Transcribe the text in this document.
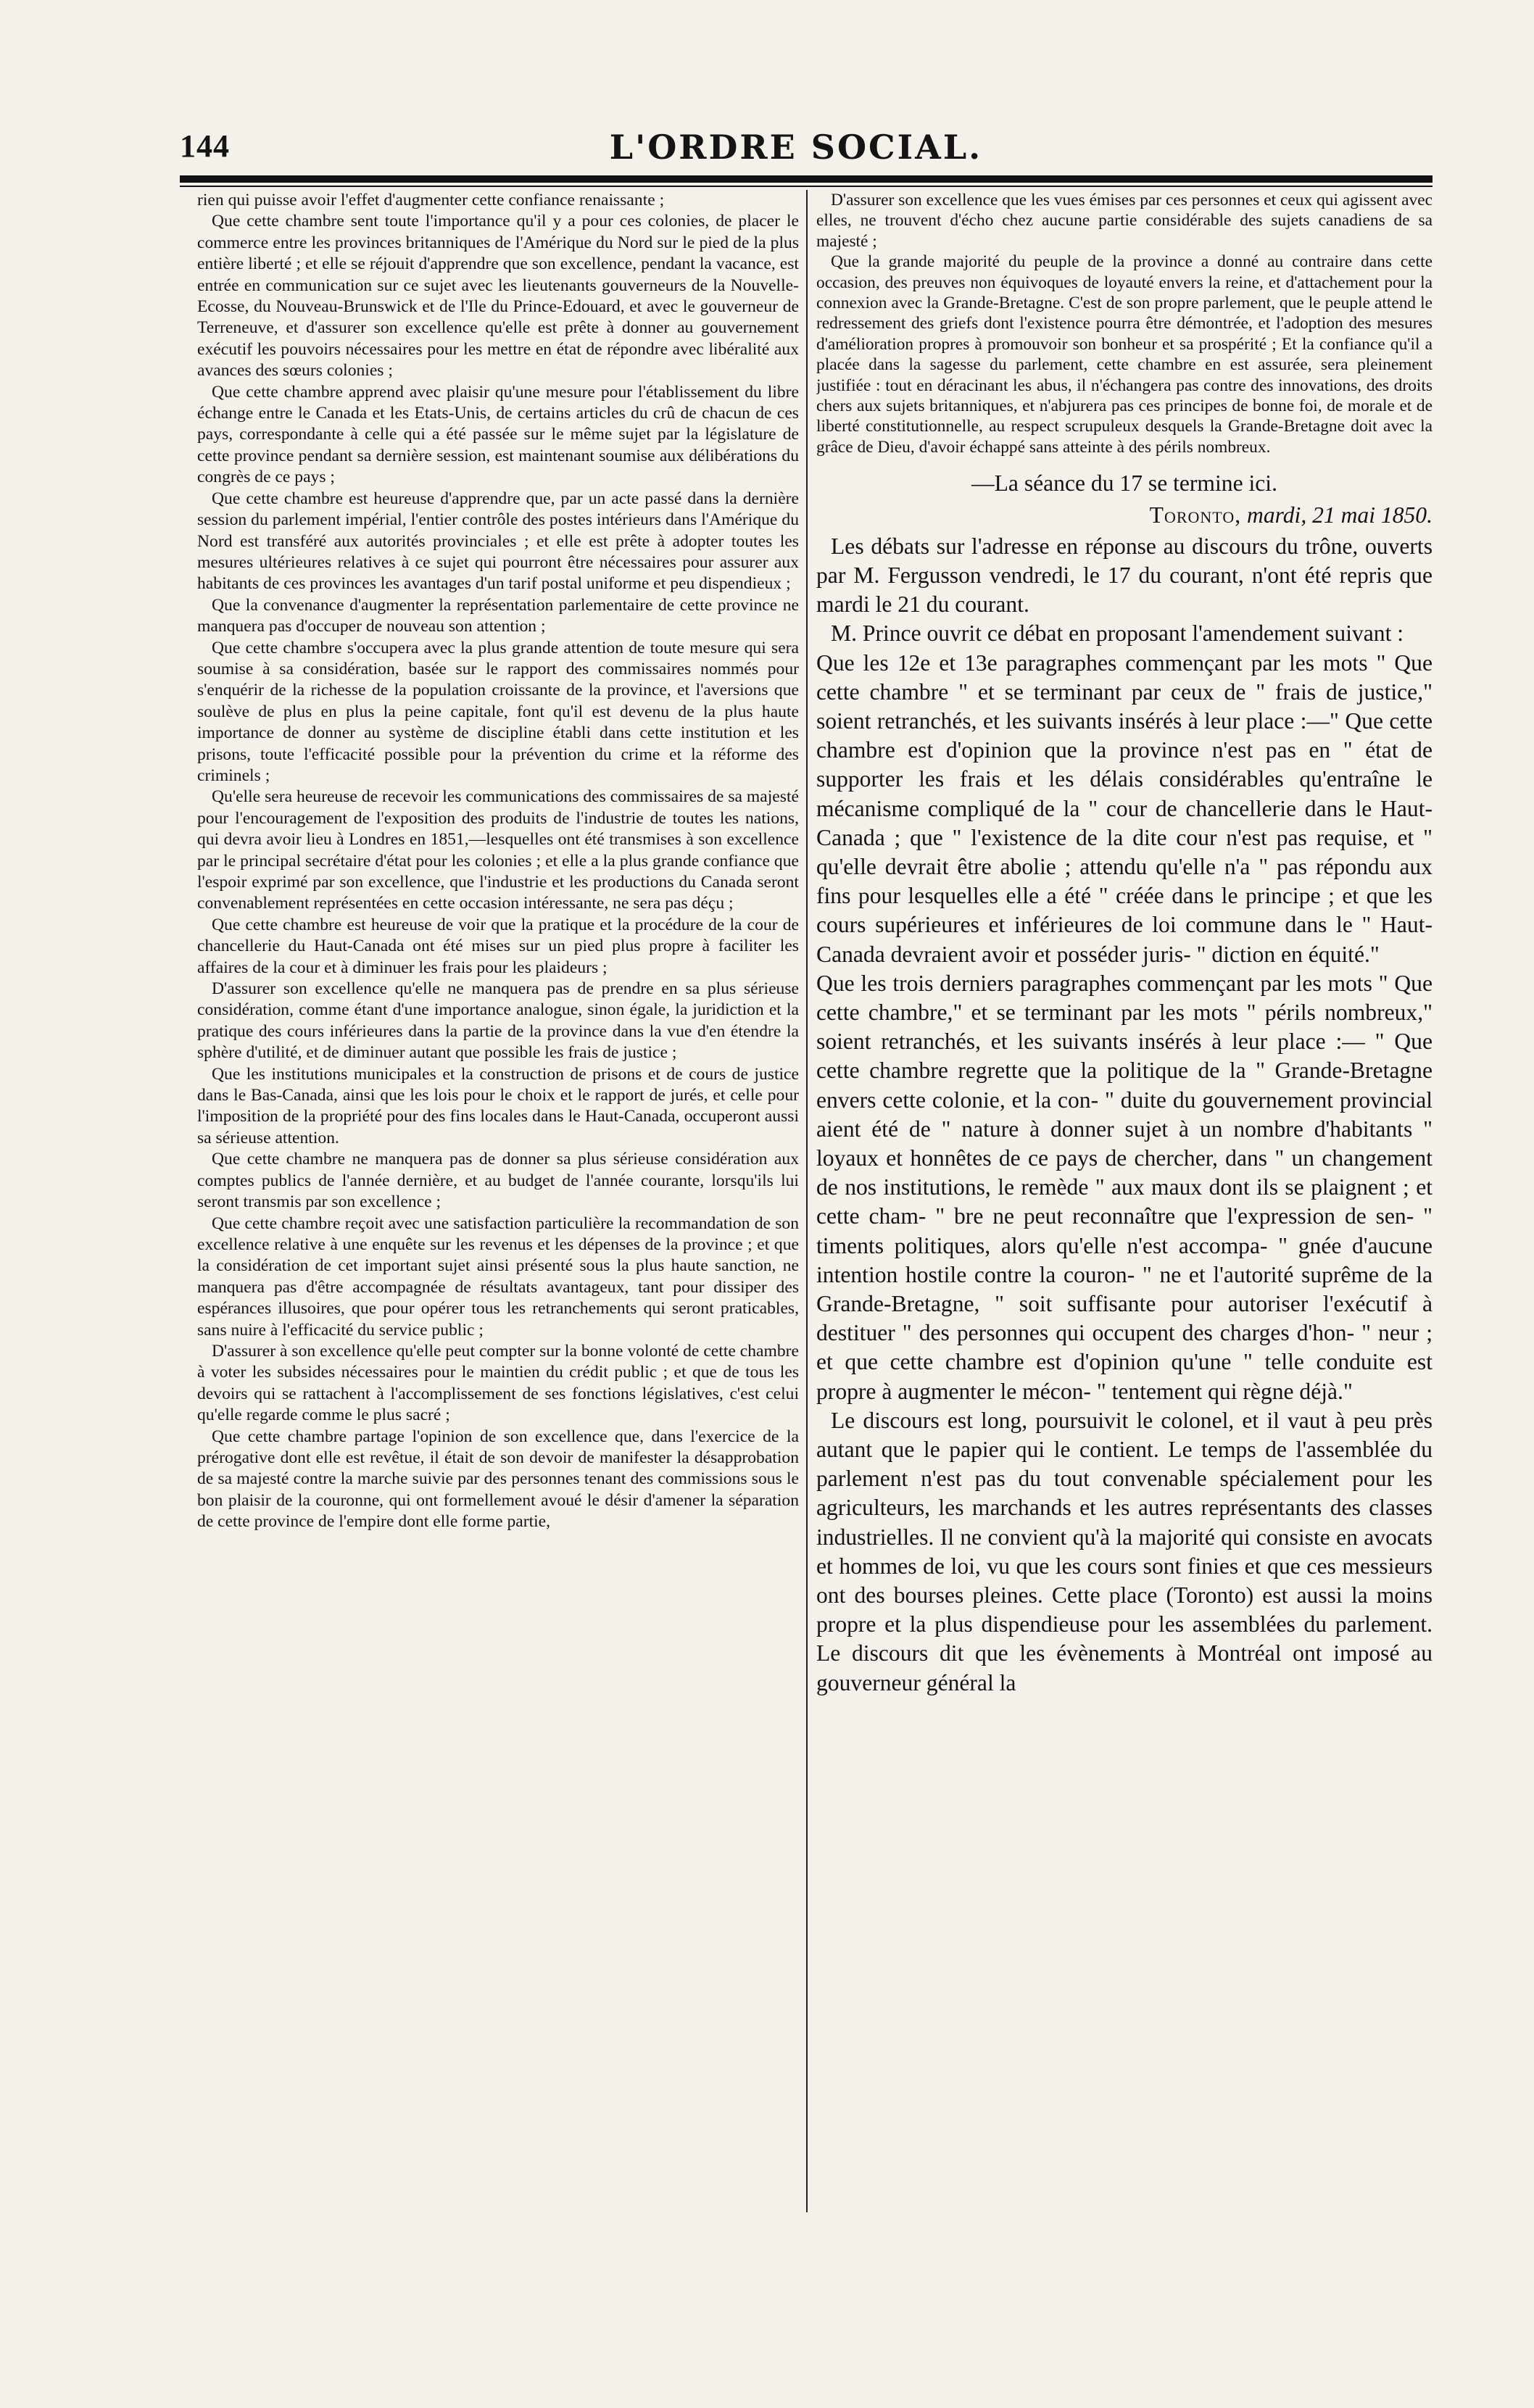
144	L'ORDRE SOCIAL.

rien qui puisse avoir l'effet d'augmenter cette confiance renaissante ;

Que cette chambre sent toute l'importance qu'il y a pour ces colonies, de placer le commerce entre les provinces britanniques de l'Amérique du Nord sur le pied de la plus entière liberté ; et elle se réjouit d'apprendre que son excellence, pendant la vacance, est entrée en communication sur ce sujet avec les lieutenants gouverneurs de la Nouvelle-Ecosse, du Nouveau-Brunswick et de l'Ile du Prince-Edouard, et avec le gouverneur de Terreneuve, et d'assurer son excellence qu'elle est prête à donner au gouvernement exécutif les pouvoirs nécessaires pour les mettre en état de répondre avec libéralité aux avances des sœurs colonies ;

Que cette chambre apprend avec plaisir qu'une mesure pour l'établissement du libre échange entre le Canada et les Etats-Unis, de certains articles du crû de chacun de ces pays, correspondante à celle qui a été passée sur le même sujet par la législature de cette province pendant sa dernière session, est maintenant soumise aux délibérations du congrès de ce pays ;

Que cette chambre est heureuse d'apprendre que, par un acte passé dans la dernière session du parlement impérial, l'entier contrôle des postes intérieurs dans l'Amérique du Nord est transféré aux autorités provinciales ; et elle est prête à adopter toutes les mesures ultérieures relatives à ce sujet qui pourront être nécessaires pour assurer aux habitants de ces provinces les avantages d'un tarif postal uniforme et peu dispendieux ;

Que la convenance d'augmenter la représentation parlementaire de cette province ne manquera pas d'occuper de nouveau son attention ;

Que cette chambre s'occupera avec la plus grande attention de toute mesure qui sera soumise à sa considération, basée sur le rapport des commissaires nommés pour s'enquérir de la richesse de la population croissante de la province, et l'aversions que soulève de plus en plus la peine capitale, font qu'il est devenu de la plus haute importance de donner au système de discipline établi dans cette institution et les prisons, toute l'efficacité possible pour la prévention du crime et la réforme des criminels ;

Qu'elle sera heureuse de recevoir les communications des commissaires de sa majesté pour l'encouragement de l'exposition des produits de l'industrie de toutes les nations, qui devra avoir lieu à Londres en 1851,—lesquelles ont été transmises à son excellence par le principal secrétaire d'état pour les colonies ; et elle a la plus grande confiance que l'espoir exprimé par son excellence, que l'industrie et les productions du Canada seront convenablement représentées en cette occasion intéressante, ne sera pas déçu ;

Que cette chambre est heureuse de voir que la pratique et la procédure de la cour de chancellerie du Haut-Canada ont été mises sur un pied plus propre à faciliter les affaires de la cour et à diminuer les frais pour les plaideurs ;

D'assurer son excellence qu'elle ne manquera pas de prendre en sa plus sérieuse considération, comme étant d'une importance analogue, sinon égale, la juridiction et la pratique des cours inférieures dans la partie de la province dans la vue d'en étendre la sphère d'utilité, et de diminuer autant que possible les frais de justice ;

Que les institutions municipales et la construction de prisons et de cours de justice dans le Bas-Canada, ainsi que les lois pour le choix et le rapport de jurés, et celle pour l'imposition de la propriété pour des fins locales dans le Haut-Canada, occuperont aussi sa sérieuse attention.

Que cette chambre ne manquera pas de donner sa plus sérieuse considération aux comptes publics de l'année dernière, et au budget de l'année courante, lorsqu'ils lui seront transmis par son excellence ;

Que cette chambre reçoit avec une satisfaction particulière la recommandation de son excellence relative à une enquête sur les revenus et les dépenses de la province ; et que la considération de cet important sujet ainsi présenté sous la plus haute sanction, ne manquera pas d'être accompagnée de résultats avantageux, tant pour dissiper des espérances illusoires, que pour opérer tous les retranchements qui seront praticables, sans nuire à l'efficacité du service public ;

D'assurer à son excellence qu'elle peut compter sur la bonne volonté de cette chambre à voter les subsides nécessaires pour le maintien du crédit public ; et que de tous les devoirs qui se rattachent à l'accomplissement de ses fonctions législatives, c'est celui qu'elle regarde comme le plus sacré ;

Que cette chambre partage l'opinion de son excellence que, dans l'exercice de la prérogative dont elle est revêtue, il était de son devoir de manifester la désapprobation de sa majesté contre la marche suivie par des personnes tenant des commissions sous le bon plaisir de la couronne, qui ont formellement avoué le désir d'amener la séparation de cette province de l'empire dont elle forme partie,

D'assurer son excellence que les vues émises par ces personnes et ceux qui agissent avec elles, ne trouvent d'écho chez aucune partie considérable des sujets canadiens de sa majesté ;

Que la grande majorité du peuple de la province a donné au contraire dans cette occasion, des preuves non équivoques de loyauté envers la reine, et d'attachement pour la connexion avec la Grande-Bretagne. C'est de son propre parlement, que le peuple attend le redressement des griefs dont l'existence pourra être démontrée, et l'adoption des mesures d'amélioration propres à promouvoir son bonheur et sa prospérité ; Et la confiance qu'il a placée dans la sagesse du parlement, cette chambre en est assurée, sera pleinement justifiée : tout en déracinant les abus, il n'échangera pas contre des innovations, des droits chers aux sujets britanniques, et n'abjurera pas ces principes de bonne foi, de morale et de liberté constitutionnelle, au respect scrupuleux desquels la Grande-Bretagne doit avec la grâce de Dieu, d'avoir échappé sans atteinte à des périls nombreux.

—La séance du 17 se termine ici.

Toronto, mardi, 21 mai 1850.

Les débats sur l'adresse en réponse au discours du trône, ouverts par M. Fergusson vendredi, le 17 du courant, n'ont été repris que mardi le 21 du courant.

M. Prince ouvrit ce débat en proposant l'amendement suivant :

Que les 12e et 13e paragraphes commençant par les mots " Que cette chambre " et se terminant par ceux de " frais de justice," soient retranchés, et les suivants insérés à leur place :—" Que cette chambre est d'opinion que la province n'est pas en " état de supporter les frais et les délais considérables qu'entraîne le mécanisme compliqué de la " cour de chancellerie dans le Haut-Canada ; que " l'existence de la dite cour n'est pas requise, et " qu'elle devrait être abolie ; attendu qu'elle n'a " pas répondu aux fins pour lesquelles elle a été " créée dans le principe ; et que les cours supérieures et inférieures de loi commune dans le " Haut-Canada devraient avoir et posséder juris- " diction en équité."

Que les trois derniers paragraphes commençant par les mots " Que cette chambre," et se terminant par les mots " périls nombreux," soient retranchés, et les suivants insérés à leur place :— " Que cette chambre regrette que la politique de la " Grande-Bretagne envers cette colonie, et la con- " duite du gouvernement provincial aient été de " nature à donner sujet à un nombre d'habitants " loyaux et honnêtes de ce pays de chercher, dans " un changement de nos institutions, le remède " aux maux dont ils se plaignent ; et cette cham- " bre ne peut reconnaître que l'expression de sen- " timents politiques, alors qu'elle n'est accompa- " gnée d'aucune intention hostile contre la couron- " ne et l'autorité suprême de la Grande-Bretagne, " soit suffisante pour autoriser l'exécutif à destituer " des personnes qui occupent des charges d'hon- " neur ; et que cette chambre est d'opinion qu'une " telle conduite est propre à augmenter le mécon- " tentement qui règne déjà."

Le discours est long, poursuivit le colonel, et il vaut à peu près autant que le papier qui le contient. Le temps de l'assemblée du parlement n'est pas du tout convenable spécialement pour les agriculteurs, les marchands et les autres représentants des classes industrielles. Il ne convient qu'à la majorité qui consiste en avocats et hommes de loi, vu que les cours sont finies et que ces messieurs ont des bourses pleines. Cette place (Toronto) est aussi la moins propre et la plus dispendieuse pour les assemblées du parlement. Le discours dit que les évènements à Montréal ont imposé au gouverneur général la
